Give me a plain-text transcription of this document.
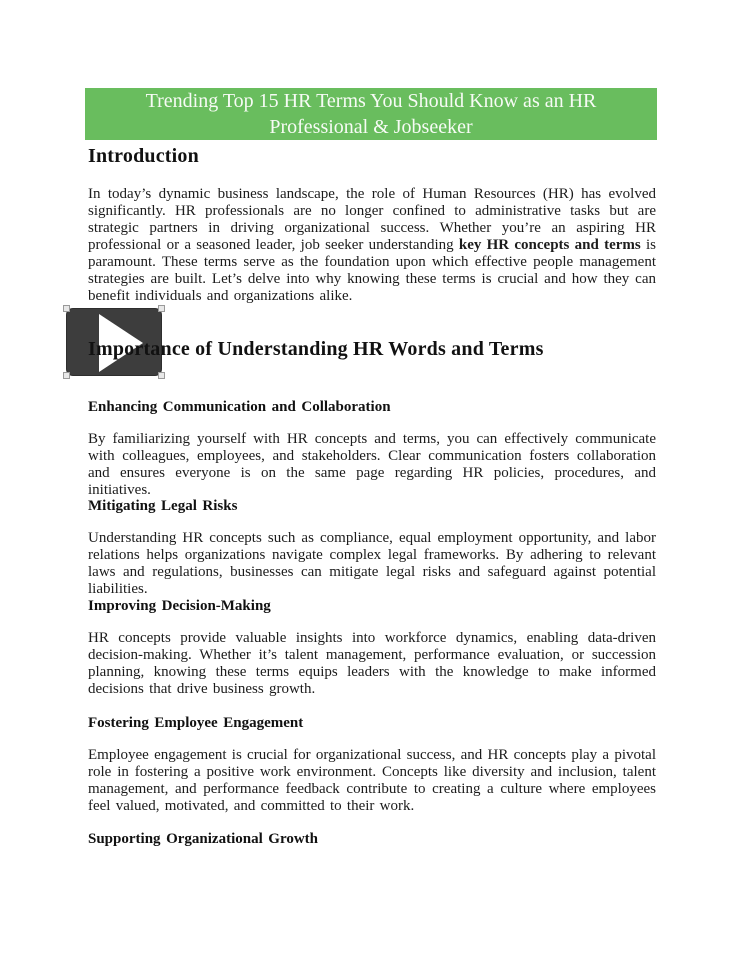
Trending Top 15 HR Terms You Should Know as an HR
Professional & Jobseeker
Introduction
In today’s dynamic business landscape, the role of Human Resources (HR) has evolved significantly. HR professionals are no longer confined to administrative tasks but are strategic partners in driving organizational success. Whether you’re an aspiring HR professional or a seasoned leader, job seeker understanding key HR concepts and terms is paramount. These terms serve as the foundation upon which effective people management strategies are built. Let’s delve into why knowing these terms is crucial and how they can benefit individuals and organizations alike.
Importance of Understanding HR Words and Terms
Enhancing Communication and Collaboration
By familiarizing yourself with HR concepts and terms, you can effectively communicate with colleagues, employees, and stakeholders. Clear communication fosters collaboration and ensures everyone is on the same page regarding HR policies, procedures, and initiatives.
Mitigating Legal Risks
Understanding HR concepts such as compliance, equal employment opportunity, and labor relations helps organizations navigate complex legal frameworks. By adhering to relevant laws and regulations, businesses can mitigate legal risks and safeguard against potential liabilities.
Improving Decision-Making
HR concepts provide valuable insights into workforce dynamics, enabling data-driven decision-making. Whether it’s talent management, performance evaluation, or succession planning, knowing these terms equips leaders with the knowledge to make informed decisions that drive business growth.
Fostering Employee Engagement
Employee engagement is crucial for organizational success, and HR concepts play a pivotal role in fostering a positive work environment. Concepts like diversity and inclusion, talent management, and performance feedback contribute to creating a culture where employees feel valued, motivated, and committed to their work.
Supporting Organizational Growth
